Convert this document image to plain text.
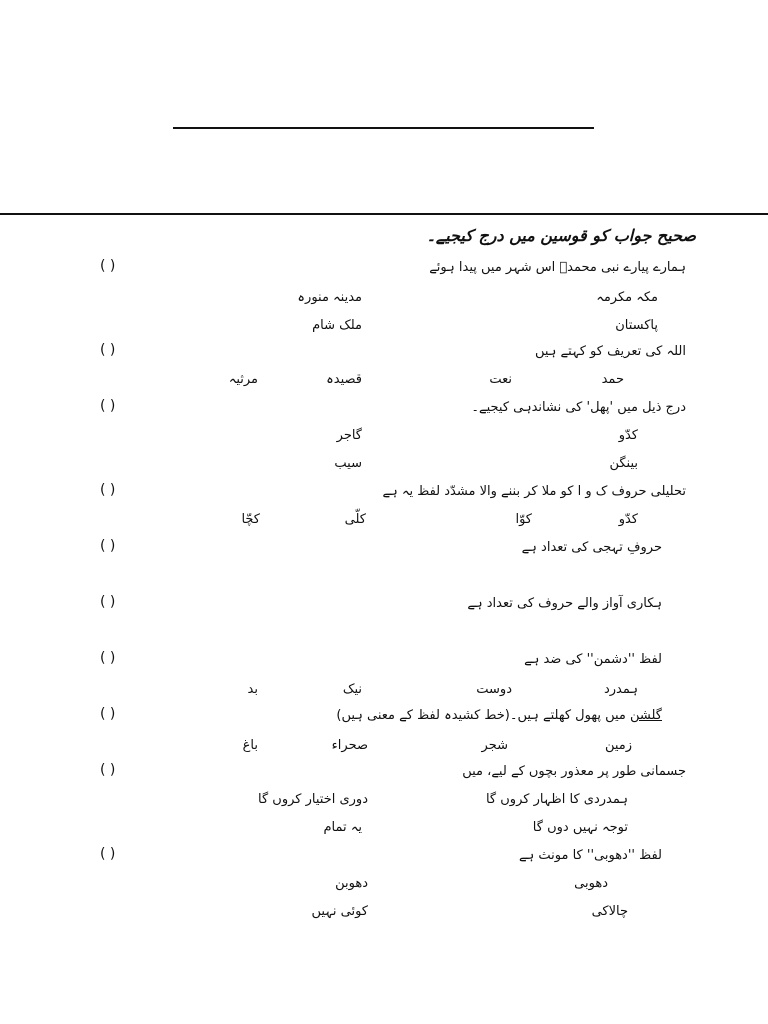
صحیح جواب کو قوسین میں درج کیجیے۔
( )	ہمارے پیارے نبی محمدؐ اس شہر میں پیدا ہوئے
مکہ مکرمہ
مدینہ منورہ
پاکستان
ملک شام
( )	اللہ کی تعریف کو کہتے ہیں
حمد
نعت
قصیدہ
مرثیہ
( )	درج ذیل میں 'پھل' کی نشاندہی کیجیے۔
کدّو
گاجر
بینگن
سیب
( )	تحلیلی حروف ک و ا کو ملا کر بننے والا مشدّد لفظ یہ ہے
کدّو
کوّا
کلّی
کچّا
( )	حروفِ تہجی کی تعداد ہے
( )	ہکاری آواز والے حروف کی تعداد ہے
( )	لفظ ''دشمن'' کی ضد ہے
ہمدرد
دوست
نیک
بد
( )	گلشن میں پھول کھلتے ہیں۔(خط کشیدہ لفظ کے معنی ہیں)
زمین
شجر
صحراء
باغ
( )	جسمانی طور پر معذور بچوں کے لیے، میں
ہمدردی کا اظہار کروں گا
دوری اختیار کروں گا
توجہ نہیں دوں گا
یہ تمام
( )	لفظ ''دھوبی'' کا مونث ہے
دھوبی
دھوبن
چالاکی
کوئی نہیں
